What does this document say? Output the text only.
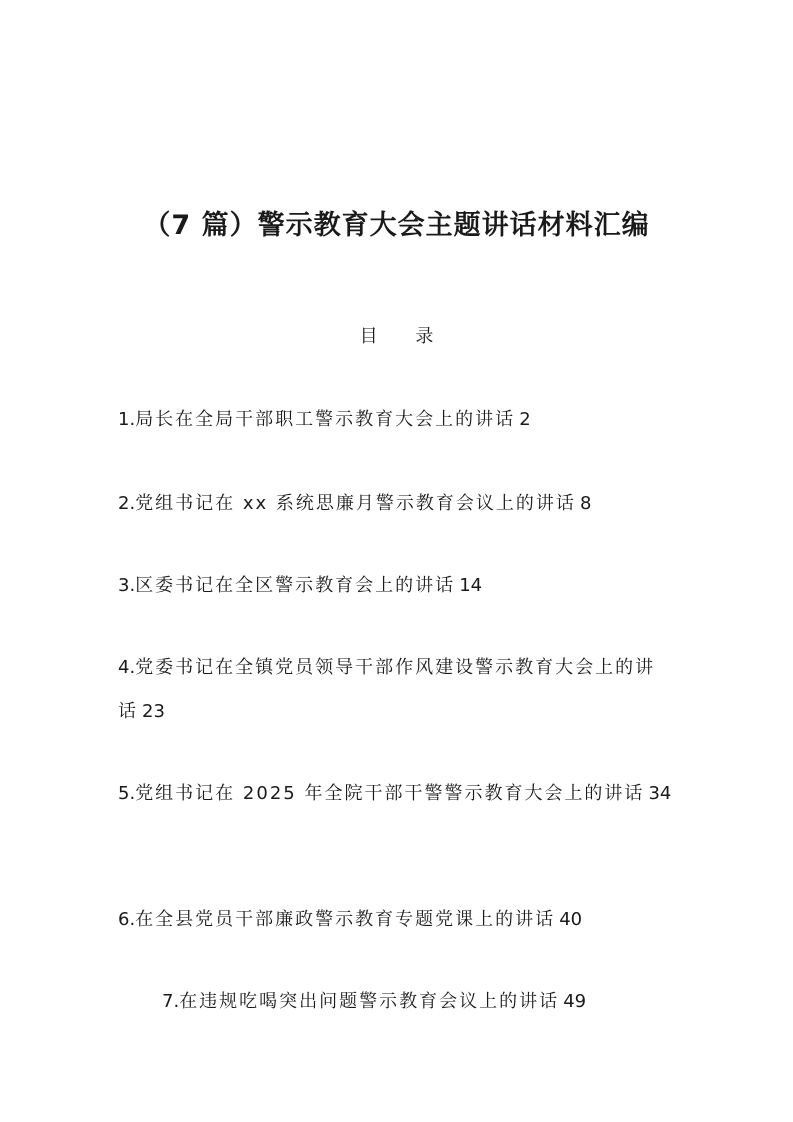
（7 篇）警示教育大会主题讲话材料汇编
目 录
1.局长在全局干部职工警示教育大会上的讲话 2
2.党组书记在 xx 系统思廉月警示教育会议上的讲话 8
3.区委书记在全区警示教育会上的讲话 14
4.党委书记在全镇党员领导干部作风建设警示教育大会上的讲话 23
5.党组书记在 2025 年全院干部干警警示教育大会上的讲话 34
6.在全县党员干部廉政警示教育专题党课上的讲话 40
7.在违规吃喝突出问题警示教育会议上的讲话 49
